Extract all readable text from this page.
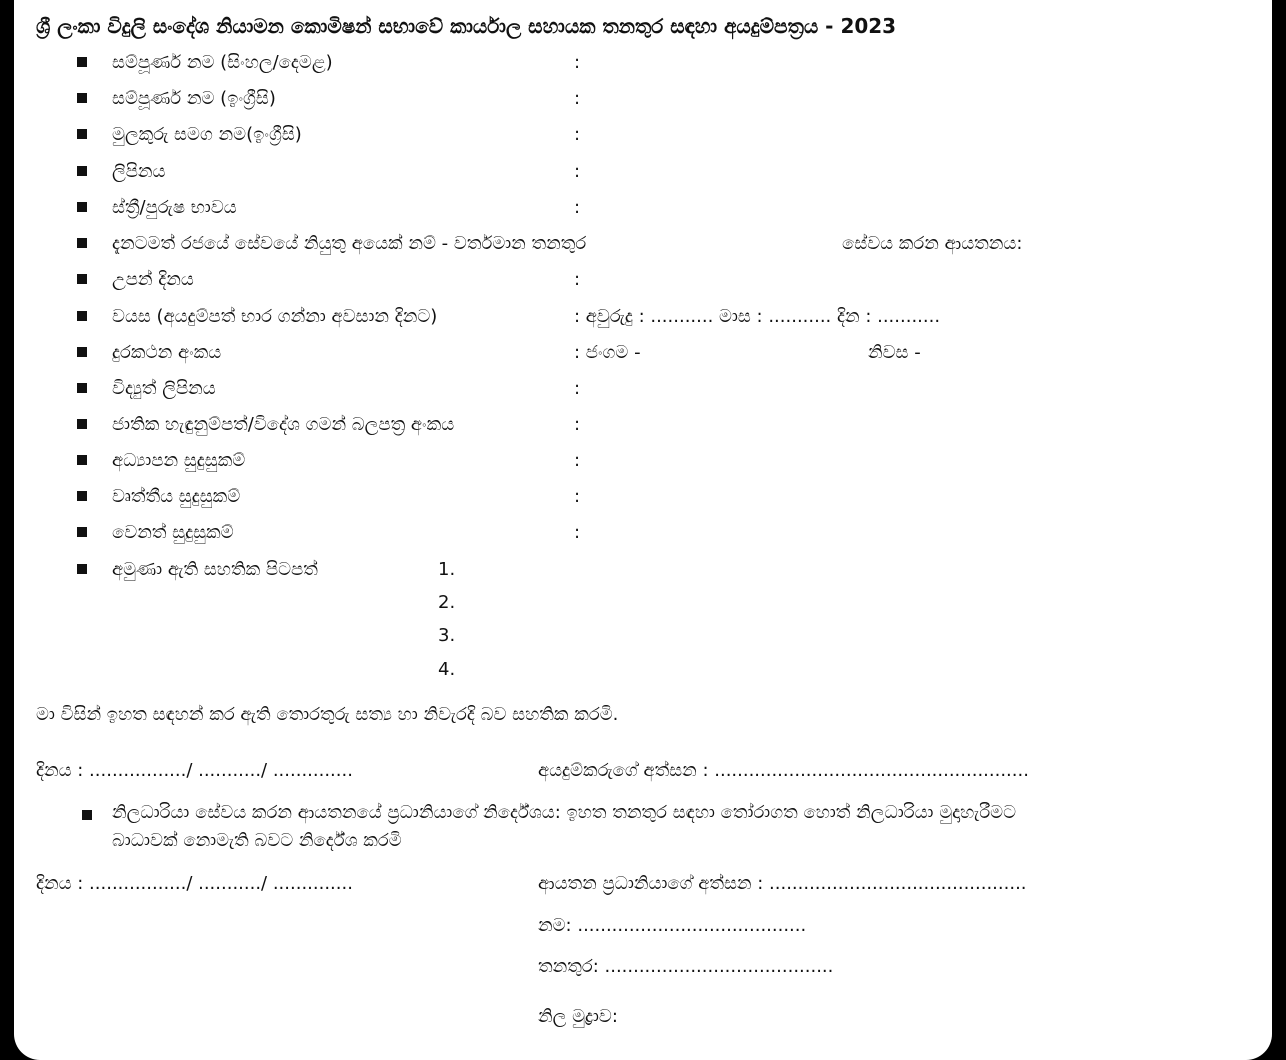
ශ්‍රී ලංකා විදුලි සංදේශ නියාමන කොමිෂන් සභාවේ කාර්යාල සහායක තනතුර සඳහා අයදුම්පත්‍රය - 2023
සම්පූර්ණ නම (සිංහල/දෙමළ)	:
සම්පූර්ණ නම (ඉංග්‍රීසි)	:
මුලකුරු සමග නම(ඉංග්‍රීසි)	:
ලිපිනය	:
ස්ත්‍රී/පුරුෂ භාවය	:
දැනටමත් රජයේ සේවයේ නියුතු අයෙක් නම් - වර්තමාන තනතුර	සේවය කරන ආයතනය:
උපන් දිනය	:
වයස (අයදුම්පත් භාර ගන්නා අවසාන දිනට)	: අවුරුදු : ........... මාස : ........... දින : ...........
දුරකථන අංකය	: ජංගම -	නිවස -
විද්‍යුත් ලිපිනය	:
ජාතික හැඳුනුම්පත්/විදේශ ගමන් බලපත්‍ර අංකය	:
අධ්‍යාපන සුදුසුකම්	:
වෘත්තීය සුදුසුකම්	:
වෙනත් සුදුසුකම්	:
අමුණා ඇති සහතික පිටපත්	1.
2.
3.
4.
මා විසින් ඉහත සඳහන් කර ඇති තොරතුරු සත්‍ය හා නිවැරදි බව සහතික කරමි.
දිනය : ................./ .........../ ..............	අයදුම්කරුගේ අත්සන : .......................................................
නිලධාරියා සේවය කරන ආයතනයේ ප්‍රධානියාගේ නිර්දේශය: ඉහත තනතුර සඳහා තෝරාගත හොත් නිලධාරියා මුදාහැරීමට
බාධාවක් නොමැති බවට නිර්දේශ කරමි
දිනය : ................./ .........../ ..............	ආයතන ප්‍රධානියාගේ අත්සන : .............................................
නම: ........................................
තනතුර: ........................................
නිල මුද්‍රාව:
